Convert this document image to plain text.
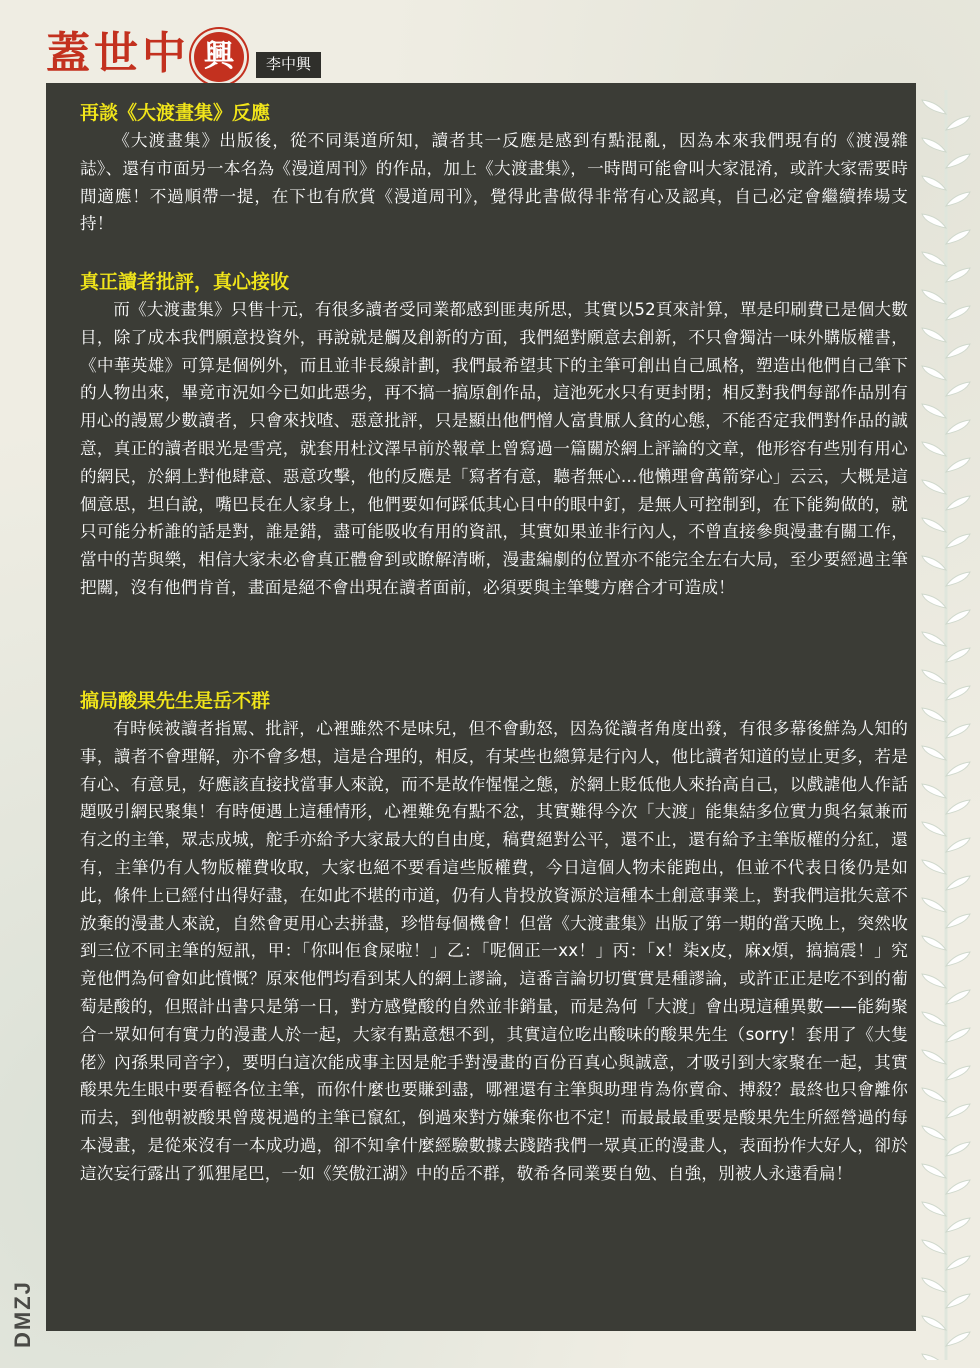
蓋世中 興	李中興
再談《大渡畫集》反應

《大渡畫集》出版後，從不同渠道所知，讀者其一反應是感到有點混亂，因為本來我們現有的《渡漫雜誌》、還有市面另一本名為《漫道周刊》的作品，加上《大渡畫集》，一時間可能會叫大家混淆，或許大家需要時間適應！不過順帶一提，在下也有欣賞《漫道周刊》，覺得此書做得非常有心及認真，自己必定會繼續捧場支持！

真正讀者批評，真心接收

而《大渡畫集》只售十元，有很多讀者受同業都感到匪夷所思，其實以52頁來計算，單是印刷費已是個大數目，除了成本我們願意投資外，再說就是觸及創新的方面，我們絕對願意去創新，不只會獨沽一味外購版權書，《中華英雄》可算是個例外，而且並非長線計劃，我們最希望其下的主筆可創出自己風格，塑造出他們自己筆下的人物出來，畢竟市況如今已如此惡劣，再不搞一搞原創作品，這池死水只有更封閉；相反對我們每部作品別有用心的謾罵少數讀者，只會來找喳、惡意批評，只是顯出他們憎人富貴厭人貧的心態，不能否定我們對作品的誠意，真正的讀者眼光是雪亮，就套用杜汶澤早前於報章上曾寫過一篇關於網上評論的文章，他形容有些別有用心的網民，於網上對他肆意、惡意攻擊，他的反應是「寫者有意，聽者無心…他懶理會萬箭穿心」云云，大概是這個意思，坦白說，嘴巴長在人家身上，他們要如何踩低其心目中的眼中釘，是無人可控制到，在下能夠做的，就只可能分析誰的話是對，誰是錯，盡可能吸收有用的資訊，其實如果並非行內人，不曾直接參與漫畫有關工作，當中的苦與樂，相信大家未必會真正體會到或瞭解清晰，漫畫編劇的位置亦不能完全左右大局，至少要經過主筆把關，沒有他們肯首，畫面是絕不會出現在讀者面前，必須要與主筆雙方磨合才可造成！

搞局酸果先生是岳不群

有時候被讀者指罵、批評，心裡雖然不是味兒，但不會動怒，因為從讀者角度出發，有很多幕後鮮為人知的事，讀者不會理解，亦不會多想，這是合理的，相反，有某些也總算是行內人，他比讀者知道的豈止更多，若是有心、有意見，好應該直接找當事人來說，而不是故作惺惺之態，於網上貶低他人來抬高自己，以戲謔他人作話題吸引網民聚集！有時便遇上這種情形，心裡難免有點不忿，其實難得今次「大渡」能集結多位實力與名氣兼而有之的主筆，眾志成城，舵手亦給予大家最大的自由度，稿費絕對公平，還不止，還有給予主筆版權的分紅，還有，主筆仍有人物版權費收取，大家也絕不要看這些版權費，今日這個人物未能跑出，但並不代表日後仍是如此，條件上已經付出得好盡，在如此不堪的市道，仍有人肯投放資源於這種本土創意事業上，對我們這批矢意不放棄的漫畫人來說，自然會更用心去拼盡，珍惜每個機會！但當《大渡畫集》出版了第一期的當天晚上，突然收到三位不同主筆的短訊，甲：「你叫佢食屎啦！」乙：「呢個正一xx！」丙：「x！柒x皮，麻x煩，搞搞震！」究竟他們為何會如此憤慨？原來他們均看到某人的網上謬論，這番言論切切實實是種謬論，或許正正是吃不到的葡萄是酸的，但照計出書只是第一日，對方感覺酸的自然並非銷量，而是為何「大渡」會出現這種異數——能夠聚合一眾如何有實力的漫畫人於一起，大家有點意想不到，其實這位吃出酸味的酸果先生（sorry！套用了《大隻佬》內孫果同音字），要明白這次能成事主因是舵手對漫畫的百份百真心與誠意，才吸引到大家聚在一起，其實酸果先生眼中要看輕各位主筆，而你什麼也要賺到盡，哪裡還有主筆與助理肯為你賣命、搏殺？最終也只會離你而去，到他朝被酸果曾蔑視過的主筆已竄紅，倒過來對方嫌棄你也不定！而最最最重要是酸果先生所經營過的每本漫畫，是從來沒有一本成功過，卻不知拿什麼經驗數據去踐踏我們一眾真正的漫畫人，表面扮作大好人，卻於這次妄行露出了狐狸尾巴，一如《笑傲江湖》中的岳不群，敬希各同業要自勉、自強，別被人永遠看扁！

DMZJ
